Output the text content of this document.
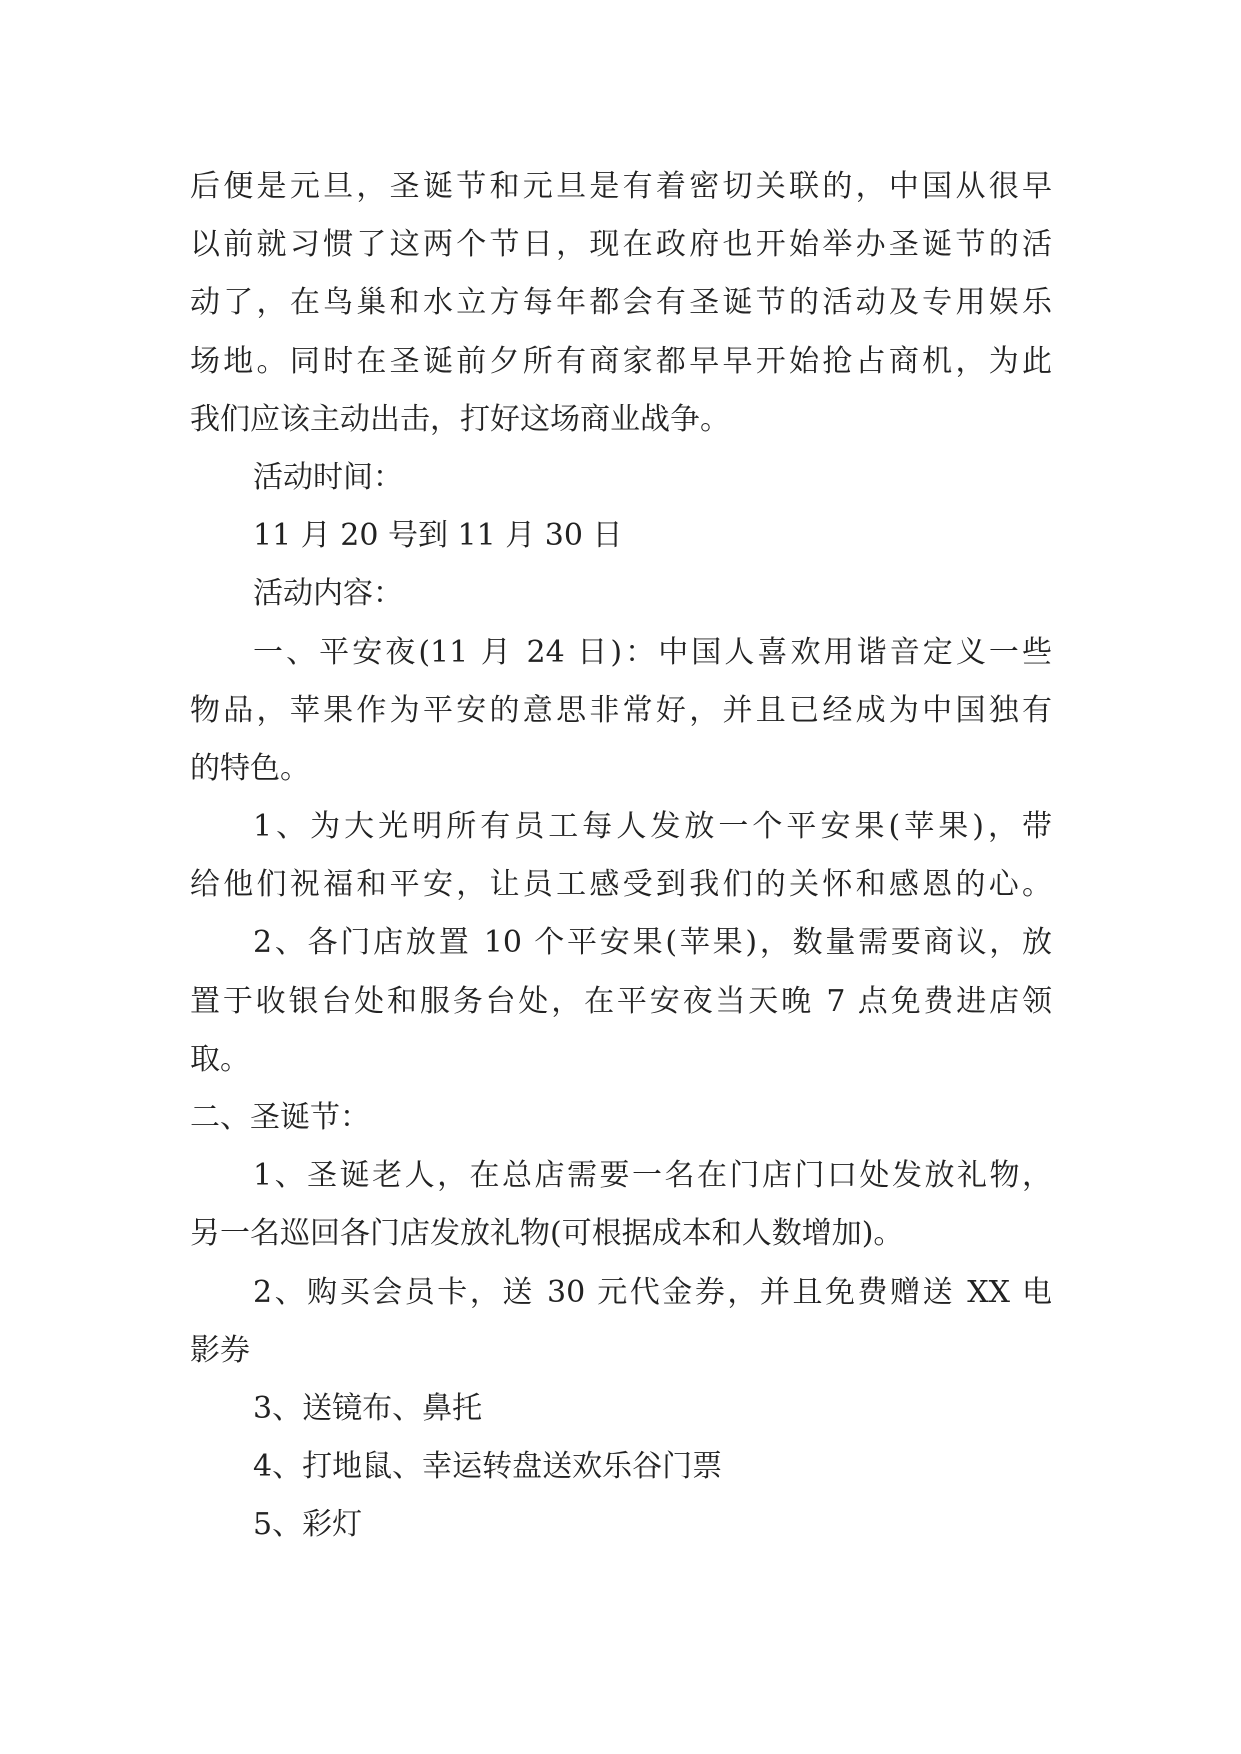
后便是元旦，圣诞节和元旦是有着密切关联的，中国从很早
以前就习惯了这两个节日，现在政府也开始举办圣诞节的活
动了，在鸟巢和水立方每年都会有圣诞节的活动及专用娱乐
场地。同时在圣诞前夕所有商家都早早开始抢占商机，为此
我们应该主动出击，打好这场商业战争。
活动时间：
11 月 20 号到 11 月 30 日
活动内容：
一、平安夜(11 月 24 日)：中国人喜欢用谐音定义一些
物品，苹果作为平安的意思非常好，并且已经成为中国独有
的特色。
1、为大光明所有员工每人发放一个平安果(苹果)，带
给他们祝福和平安，让员工感受到我们的关怀和感恩的心。
2、各门店放置 10 个平安果(苹果)，数量需要商议，放
置于收银台处和服务台处，在平安夜当天晚 7 点免费进店领
取。
二、圣诞节：
1、圣诞老人，在总店需要一名在门店门口处发放礼物，
另一名巡回各门店发放礼物(可根据成本和人数增加)。
2、购买会员卡，送 30 元代金券，并且免费赠送 XX 电
影券
3、送镜布、鼻托
4、打地鼠、幸运转盘送欢乐谷门票
5、彩灯
